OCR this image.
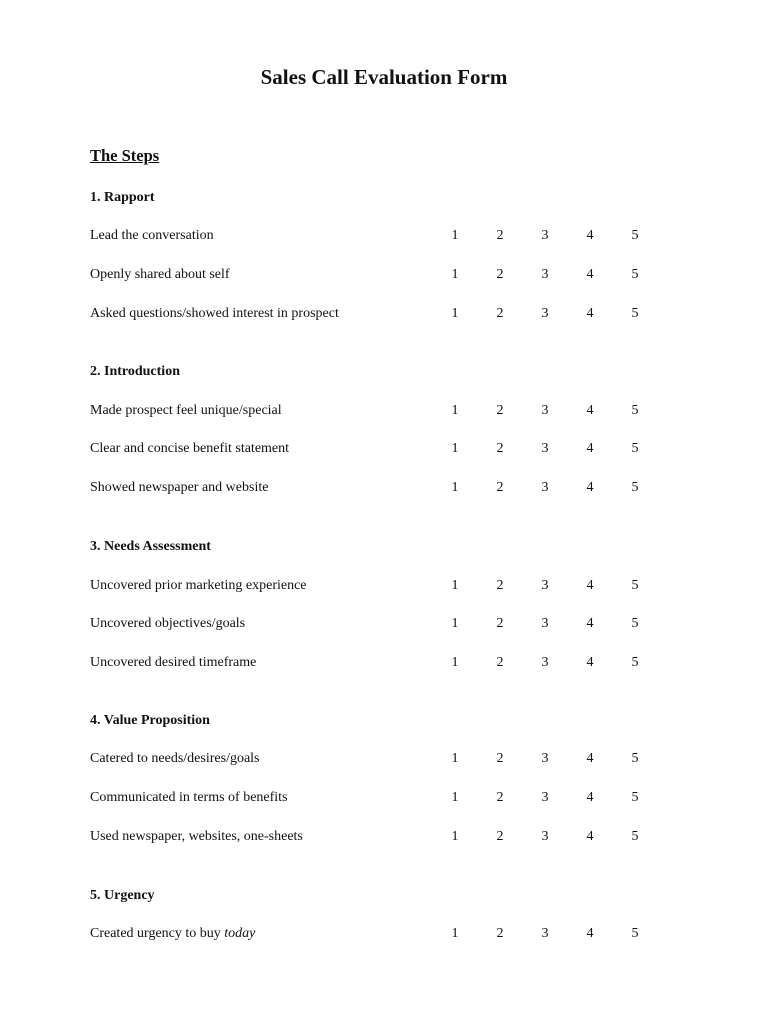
Sales Call Evaluation Form
The Steps
1. Rapport
Lead the conversation	1	2	3	4	5
Openly shared about self	1	2	3	4	5
Asked questions/showed interest in prospect	1	2	3	4	5
2. Introduction
Made prospect feel unique/special	1	2	3	4	5
Clear and concise benefit statement	1	2	3	4	5
Showed newspaper and website	1	2	3	4	5
3. Needs Assessment
Uncovered prior marketing experience	1	2	3	4	5
Uncovered objectives/goals	1	2	3	4	5
Uncovered desired timeframe	1	2	3	4	5
4. Value Proposition
Catered to needs/desires/goals	1	2	3	4	5
Communicated in terms of benefits	1	2	3	4	5
Used newspaper, websites, one-sheets	1	2	3	4	5
5. Urgency
Created urgency to buy today	1	2	3	4	5
